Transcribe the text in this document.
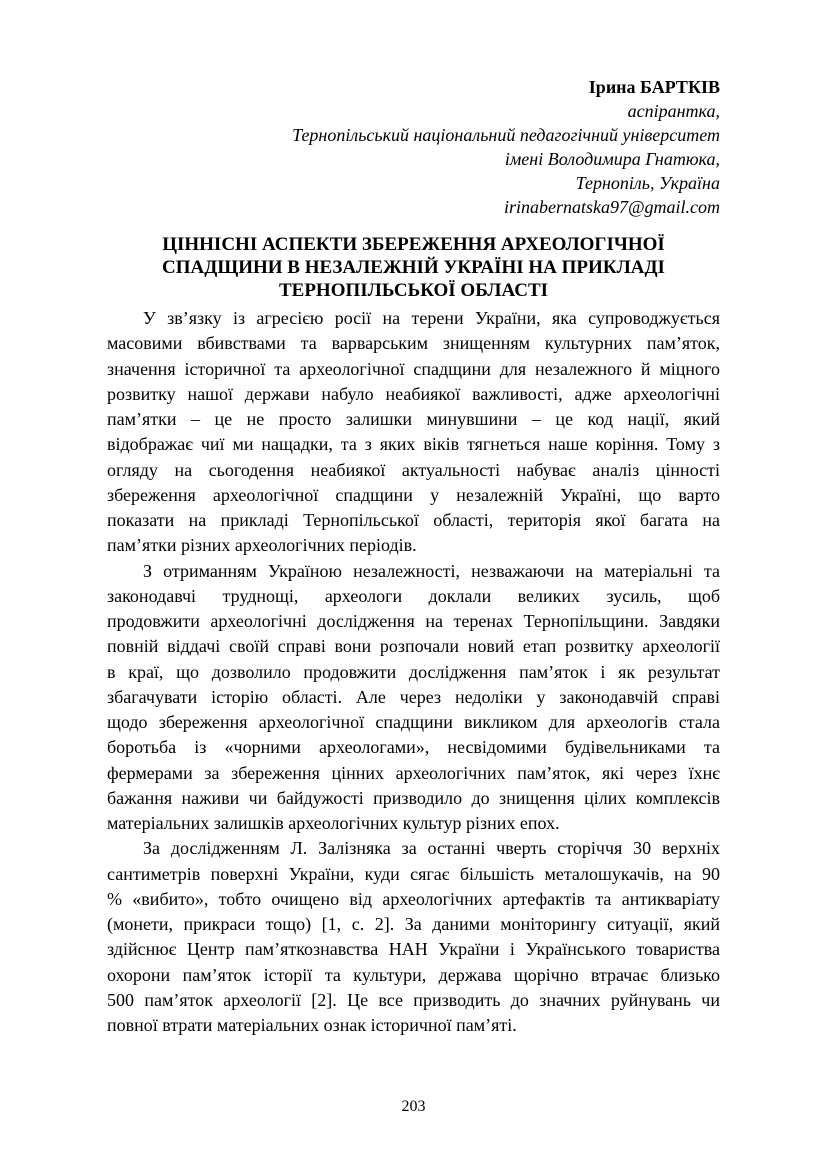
Ірина БАРТКІВ
аспірантка,
Тернопільський національний педагогічний університет
імені Володимира Гнатюка,
Тернопіль, Україна
irinabernatska97@gmail.com
ЦІННІСНІ АСПЕКТИ ЗБЕРЕЖЕННЯ АРХЕОЛОГІЧНОЇ
СПАДЩИНИ В НЕЗАЛЕЖНІЙ УКРАЇНІ НА ПРИКЛАДІ
ТЕРНОПІЛЬСЬКОЇ ОБЛАСТІ
У зв’язку із агресією росії на терени України, яка супроводжується
масовими вбивствами та варварським знищенням культурних пам’яток,
значення історичної та археологічної спадщини для незалежного й міцного
розвитку нашої держави набуло неабиякої важливості, адже археологічні
пам’ятки – це не просто залишки минувшини – це код нації, який
відображає чиї ми нащадки, та з яких віків тягнеться наше коріння. Тому з
огляду на сьогодення неабиякої актуальності набуває аналіз цінності
збереження археологічної спадщини у незалежній Україні, що варто
показати на прикладі Тернопільської області, територія якої багата на
пам’ятки різних археологічних періодів.
З отриманням Україною незалежності, незважаючи на матеріальні та
законодавчі труднощі, археологи доклали великих зусиль, щоб
продовжити археологічні дослідження на теренах Тернопільщини. Завдяки
повній віддачі своїй справі вони розпочали новий етап розвитку археології
в краї, що дозволило продовжити дослідження пам’яток і як результат
збагачувати історію області. Але через недоліки у законодавчій справі
щодо збереження археологічної спадщини викликом для археологів стала
боротьба із «чорними археологами», несвідомими будівельниками та
фермерами за збереження цінних археологічних пам’яток, які через їхнє
бажання наживи чи байдужості призводило до знищення цілих комплексів
матеріальних залишків археологічних культур різних епох.
За дослідженням Л. Залізняка за останні чверть сторіччя 30 верхніх
сантиметрів поверхні України, куди сягає більшість металошукачів, на 90
% «вибито», тобто очищено від археологічних артефактів та антикваріату
(монети, прикраси тощо) [1, с. 2]. За даними моніторингу ситуації, який
здійснює Центр пам’яткознавства НАН України і Українського товариства
охорони пам’яток історії та культури, держава щорічно втрачає близько
500 пам’яток археології [2]. Це все призводить до значних руйнувань чи
повної втрати матеріальних ознак історичної пам’яті.
203
